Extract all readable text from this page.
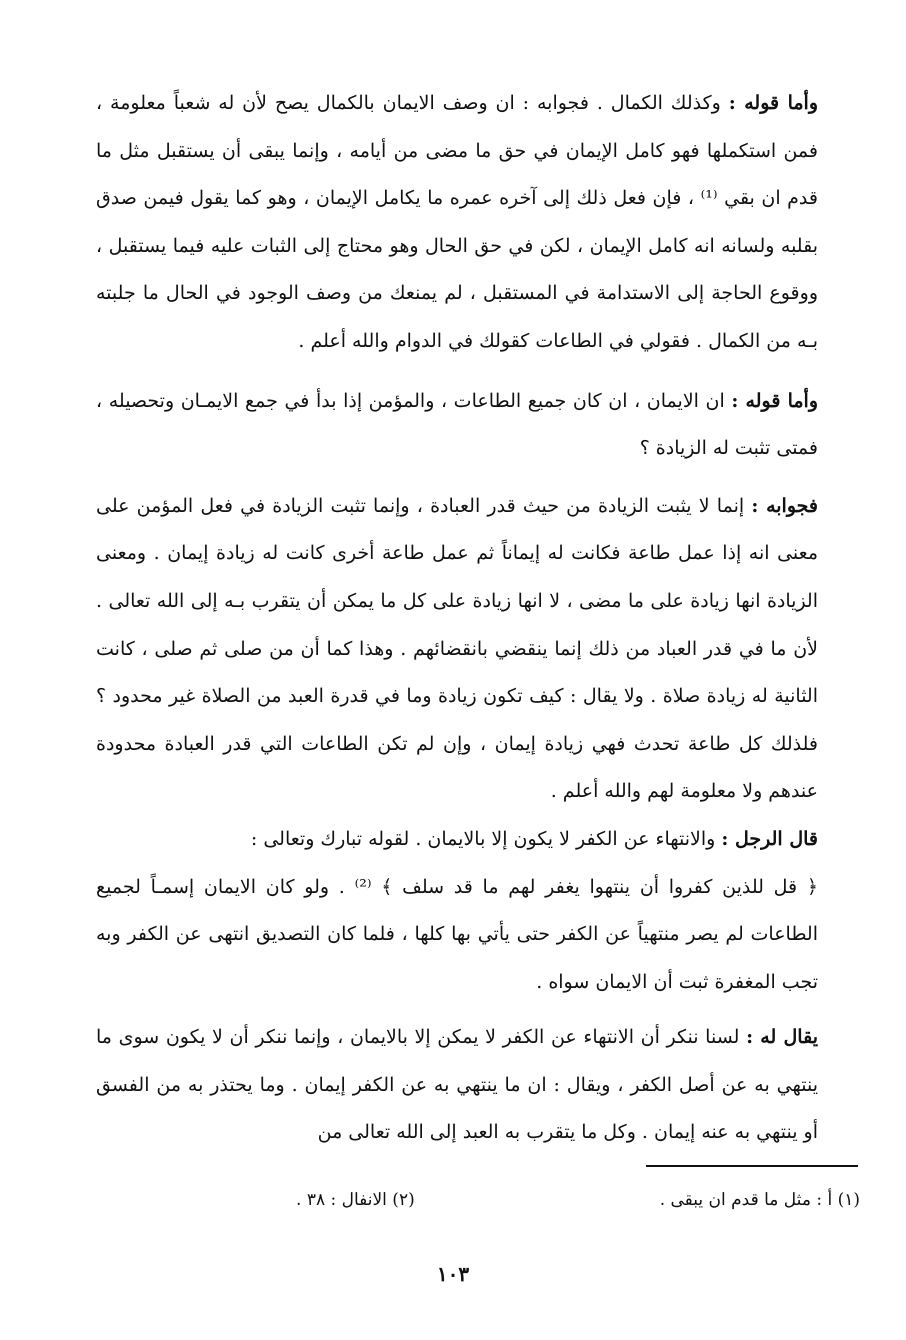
وأما قوله : وكذلك الكمال . فجوابه : ان وصف الايمان بالكمال يصح لأن له شعباً معلومة ، فمن استكملها فهو كامل الإيمان في حق ما مضى من أيامه ، وإنما يبقى أن يستقبل مثل ما قدم ان بقي ⁽¹⁾ ، فإن فعل ذلك إلى آخره عمره ما يكامل الإيمان ، وهو كما يقول فيمن صدق بقلبه ولسانه انه كامل الإيمان ، لكن في حق الحال وهو محتاج إلى الثبات عليه فيما يستقبل ، ووقوع الحاجة إلى الاستدامة في المستقبل ، لم يمنعك من وصف الوجود في الحال ما جلبته بـه من الكمال . فقولي في الطاعات كقولك في الدوام والله أعلم .

وأما قوله : ان الايمان ، ان كان جميع الطاعات ، والمؤمن إذا بدأ في جمع الايمـان وتحصيله ، فمتى تثبت له الزيادة ؟

فجوابه : إنما لا يثبت الزيادة من حيث قدر العبادة ، وإنما تثبت الزيادة في فعل المؤمن على معنى انه إذا عمل طاعة فكانت له إيماناً ثم عمل طاعة أخرى كانت له زيادة إيمان . ومعنى الزيادة انها زيادة على ما مضى ، لا انها زيادة على كل ما يمكن أن يتقرب بـه إلى الله تعالى . لأن ما في قدر العباد من ذلك إنما ينقضي بانقضائهم . وهذا كما أن من صلى ثم صلى ، كانت الثانية له زيادة صلاة . ولا يقال : كيف تكون زيادة وما في قدرة العبد من الصلاة غير محدود ؟ فلذلك كل طاعة تحدث فهي زيادة إيمان ، وإن لم تكن الطاعات التي قدر العبادة محدودة عندهم ولا معلومة لهم والله أعلم .

قال الرجل : والانتهاء عن الكفر لا يكون إلا بالايمان . لقوله تبارك وتعالى :

﴿ قل للذين كفروا أن ينتهوا يغفر لهم ما قد سلف ﴾ ⁽²⁾ . ولو كان الايمان إسمـاً لجميع الطاعات لم يصر منتهياً عن الكفر حتى يأتي بها كلها ، فلما كان التصديق انتهى عن الكفر وبه تجب المغفرة ثبت أن الايمان سواه .

يقال له : لسنا ننكر أن الانتهاء عن الكفر لا يمكن إلا بالايمان ، وإنما ننكر أن لا يكون سوى ما ينتهي به عن أصل الكفر ، ويقال : ان ما ينتهي به عن الكفر إيمان . وما يحتذر به من الفسق أو ينتهي به عنه إيمان . وكل ما يتقرب به العبد إلى الله تعالى من

(١) أ : مثل ما قدم ان يبقى .
(٢) الانفال : ٣٨ .
١٠٣
